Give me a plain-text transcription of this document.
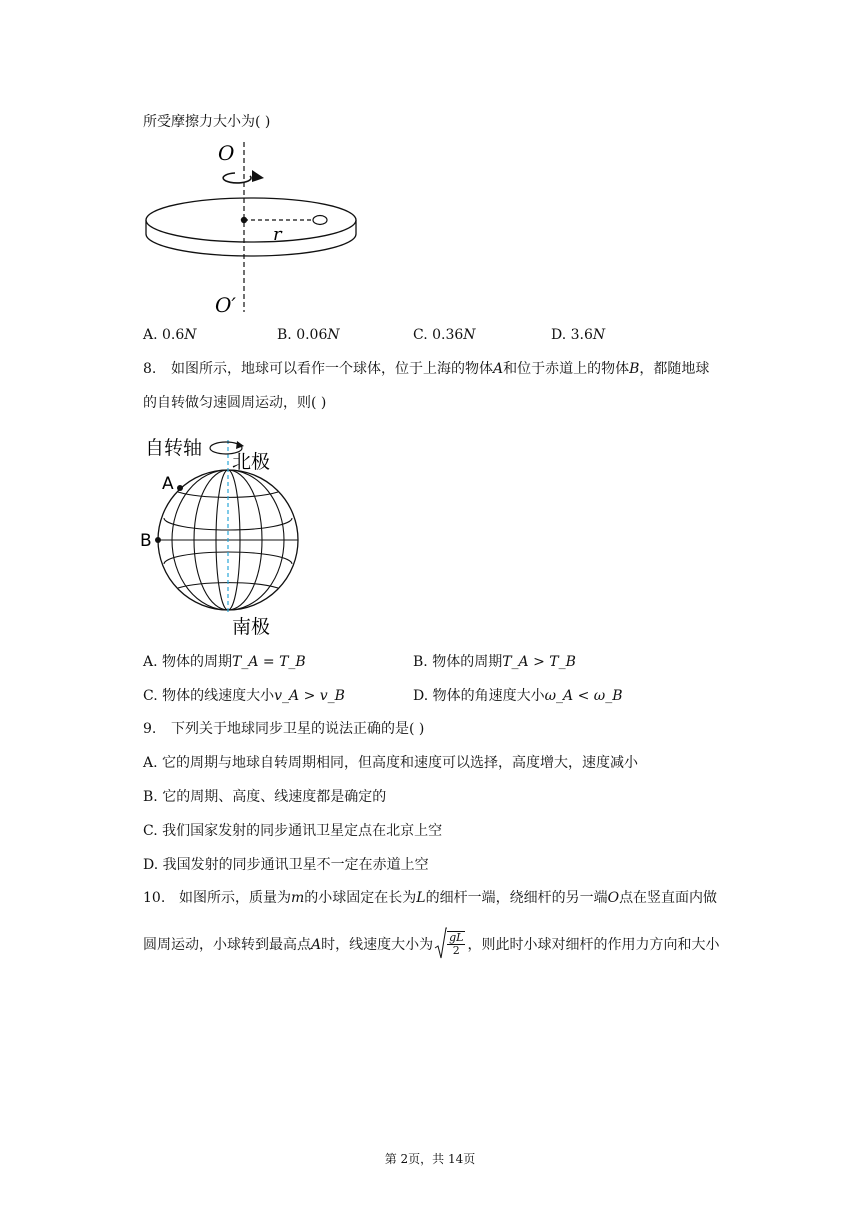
所受摩擦力大小为( )
O
O′
r
A. 0.6N	B. 0.06N	C. 0.36N	D. 3.6N
8. 如图所示，地球可以看作一个球体，位于上海的物体A和位于赤道上的物体B，都随地球
的自转做匀速圆周运动，则( )
自转轴
北极
南极
A
B
A. 物体的周期T_A = T_B	B. 物体的周期T_A > T_B
C. 物体的线速度大小v_A > v_B	D. 物体的角速度大小ω_A < ω_B
9. 下列关于地球同步卫星的说法正确的是( )
A. 它的周期与地球自转周期相同，但高度和速度可以选择，高度增大，速度减小
B. 它的周期、高度、线速度都是确定的
C. 我们国家发射的同步通讯卫星定点在北京上空
D. 我国发射的同步通讯卫星不一定在赤道上空
10. 如图所示，质量为m的小球固定在长为L的细杆一端，绕细杆的另一端O点在竖直面内做
圆周运动，小球转到最高点A时，线速度大小为 $\frac{gL}{2}$ ，则此时小球对细杆的作用力方向和大小
第 2页，共 14页
